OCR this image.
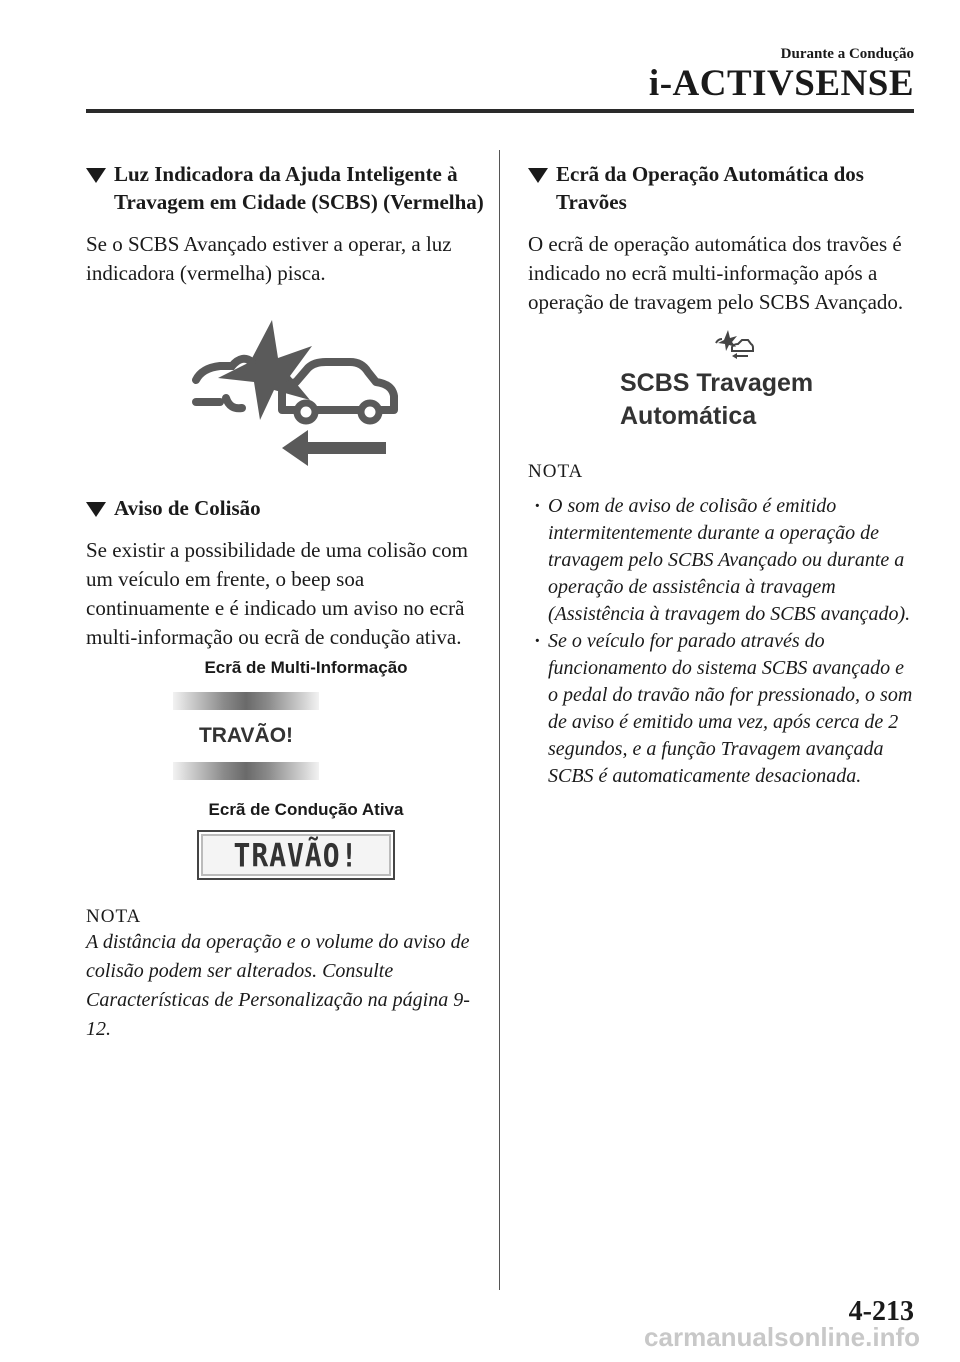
Durante a Condução
i-ACTIVSENSE
Luz Indicadora da Ajuda Inteligente à Travagem em Cidade (SCBS) (Vermelha)
Se o SCBS Avançado estiver a operar, a luz indicadora (vermelha) pisca.
Aviso de Colisão
Se existir a possibilidade de uma colisão com um veículo em frente, o beep soa continuamente e é indicado um aviso no ecrã multi-informação ou ecrã de condução ativa.
Ecrã de Multi-Informação
TRAVÃO!
Ecrã de Condução Ativa
TRAVÃO!
NOTA
A distância da operação e o volume do aviso de colisão podem ser alterados. Consulte Características de Personalização na página 9-12.
Ecrã da Operação Automática dos Travões
O ecrã de operação automática dos travões é indicado no ecrã multi-informação após a operação de travagem pelo SCBS Avançado.
SCBS Travagem
Automática
NOTA
· O som de aviso de colisão é emitido intermitentemente durante a operação de travagem pelo SCBS Avançado ou durante a operação de assistência à travagem (Assistência à travagem do SCBS avançado).
· Se o veículo for parado através do funcionamento do sistema SCBS avançado e o pedal do travão não for pressionado, o som de aviso é emitido uma vez, após cerca de 2 segundos, e a função Travagem avançada SCBS é automaticamente desacionada.
4-213
carmanualsonline.info
